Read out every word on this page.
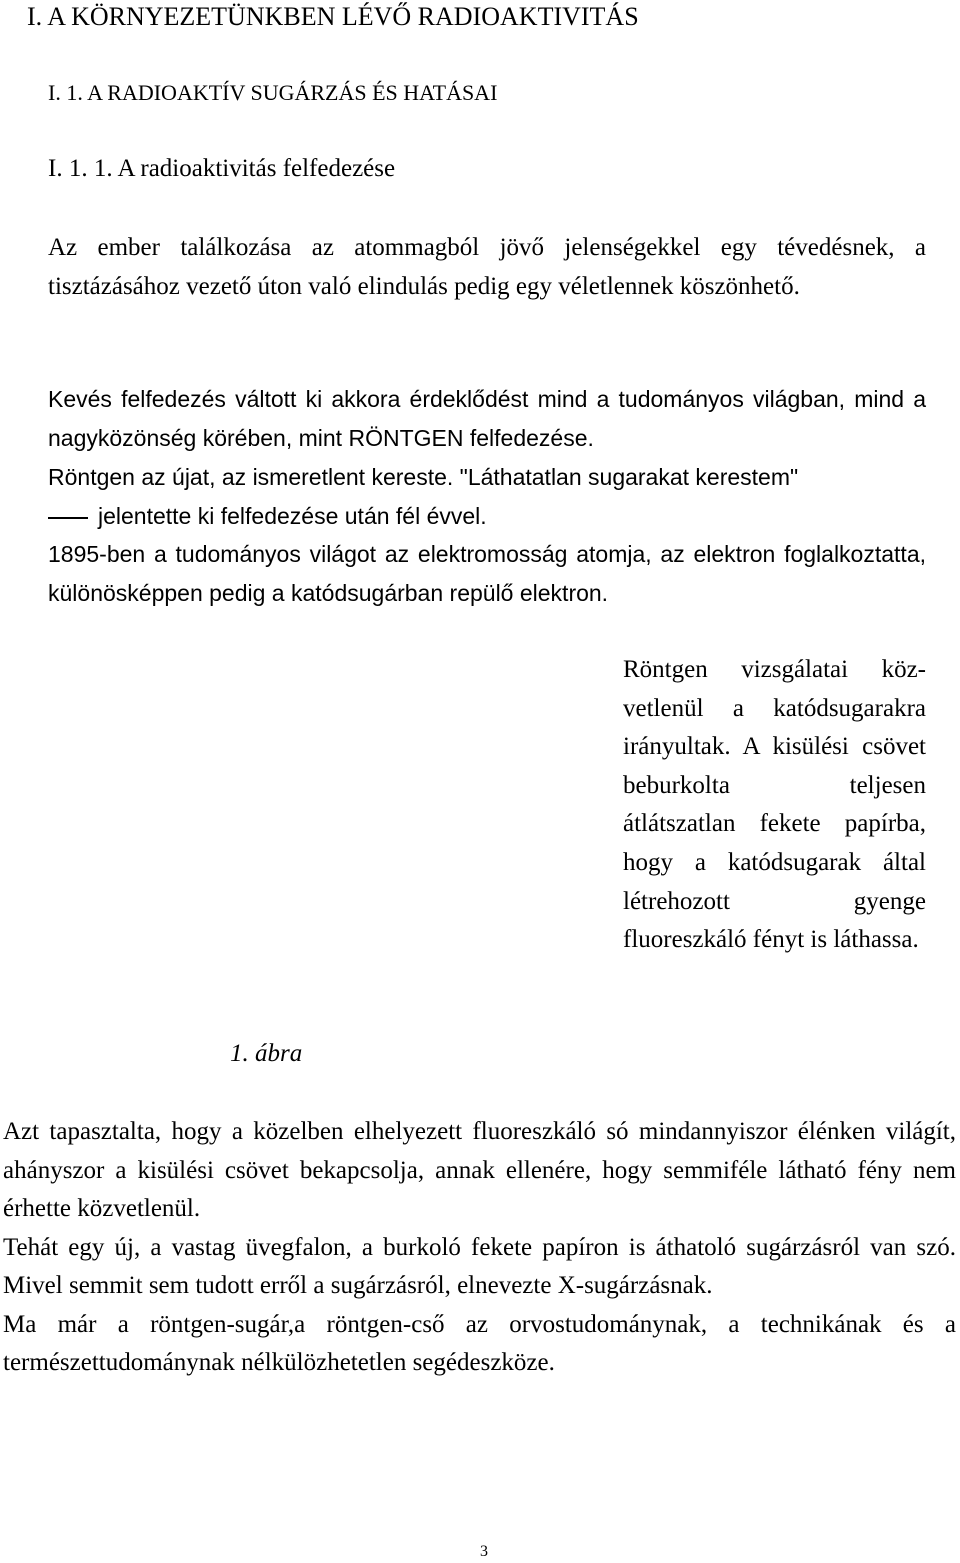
I. A KÖRNYEZETÜNKBEN LÉVŐ RADIOAKTIVITÁS
I. 1. A RADIOAKTÍV SUGÁRZÁS ÉS HATÁSAI
I. 1. 1. A radioaktivitás felfedezése
Az ember találkozása az atommagból jövő jelenségekkel egy tévedésnek, a tisztázásához vezető úton való elindulás pedig egy véletlennek köszönhető.
Kevés felfedezés váltott ki akkora érdeklődést mind a tudományos világban, mind a nagyközönség körében, mint RÖNTGEN felfedezése.

Röntgen az újat, az ismeretlent kereste. "Láthatatlan sugarakat kerestem"

jelentette ki felfedezése után fél évvel.

1895-ben a tudományos világot az elektromosság atomja, az elektron foglalkoztatta, különösképpen pedig a katódsugárban repülő elektron.
Röntgen vizsgálatai közvetlenül a katódsugarakra irányultak. A kisülési csövet beburkolta teljesen átlátszatlan fekete papírba, hogy a katódsugarak által létrehozott gyenge fluoreszkáló fényt is láthassa.
1. ábra

Azt tapasztalta, hogy a közelben elhelyezett fluoreszkáló só mindannyiszor élénken világít, ahányszor a kisülési csövet bekapcsolja, annak ellenére, hogy semmiféle látható fény nem érhette közvetlenül.

Tehát egy új, a vastag üvegfalon, a burkoló fekete papíron is áthatoló sugárzásról van szó. Mivel semmit sem tudott erről a sugárzásról, elnevezte X-sugárzásnak.

Ma már a röntgen-sugár,a röntgen-cső az orvostudománynak, a technikának és a természettudománynak nélkülözhetetlen segédeszköze.

3
